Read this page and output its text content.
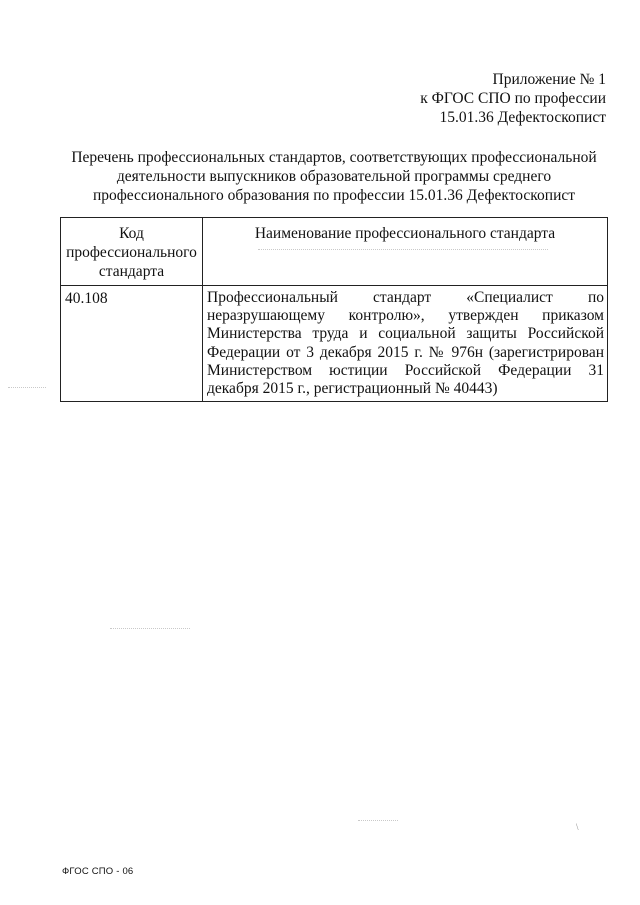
Приложение № 1
к ФГОС СПО по профессии
15.01.36 Дефектоскопист
Перечень профессиональных стандартов, соответствующих профессиональной деятельности выпускников образовательной программы среднего профессионального образования по профессии 15.01.36 Дефектоскопист
Код профессионального стандарта	Наименование профессионального стандарта
40.108	Профессиональный стандарт «Специалист по неразрушающему контролю», утвержден приказом Министерства труда и социальной защиты Российской Федерации от 3 декабря 2015 г. № 976н (зарегистрирован Министерством юстиции Российской Федерации 31 декабря 2015 г., регистрационный № 40443)
\
ФГОС СПО - 06
